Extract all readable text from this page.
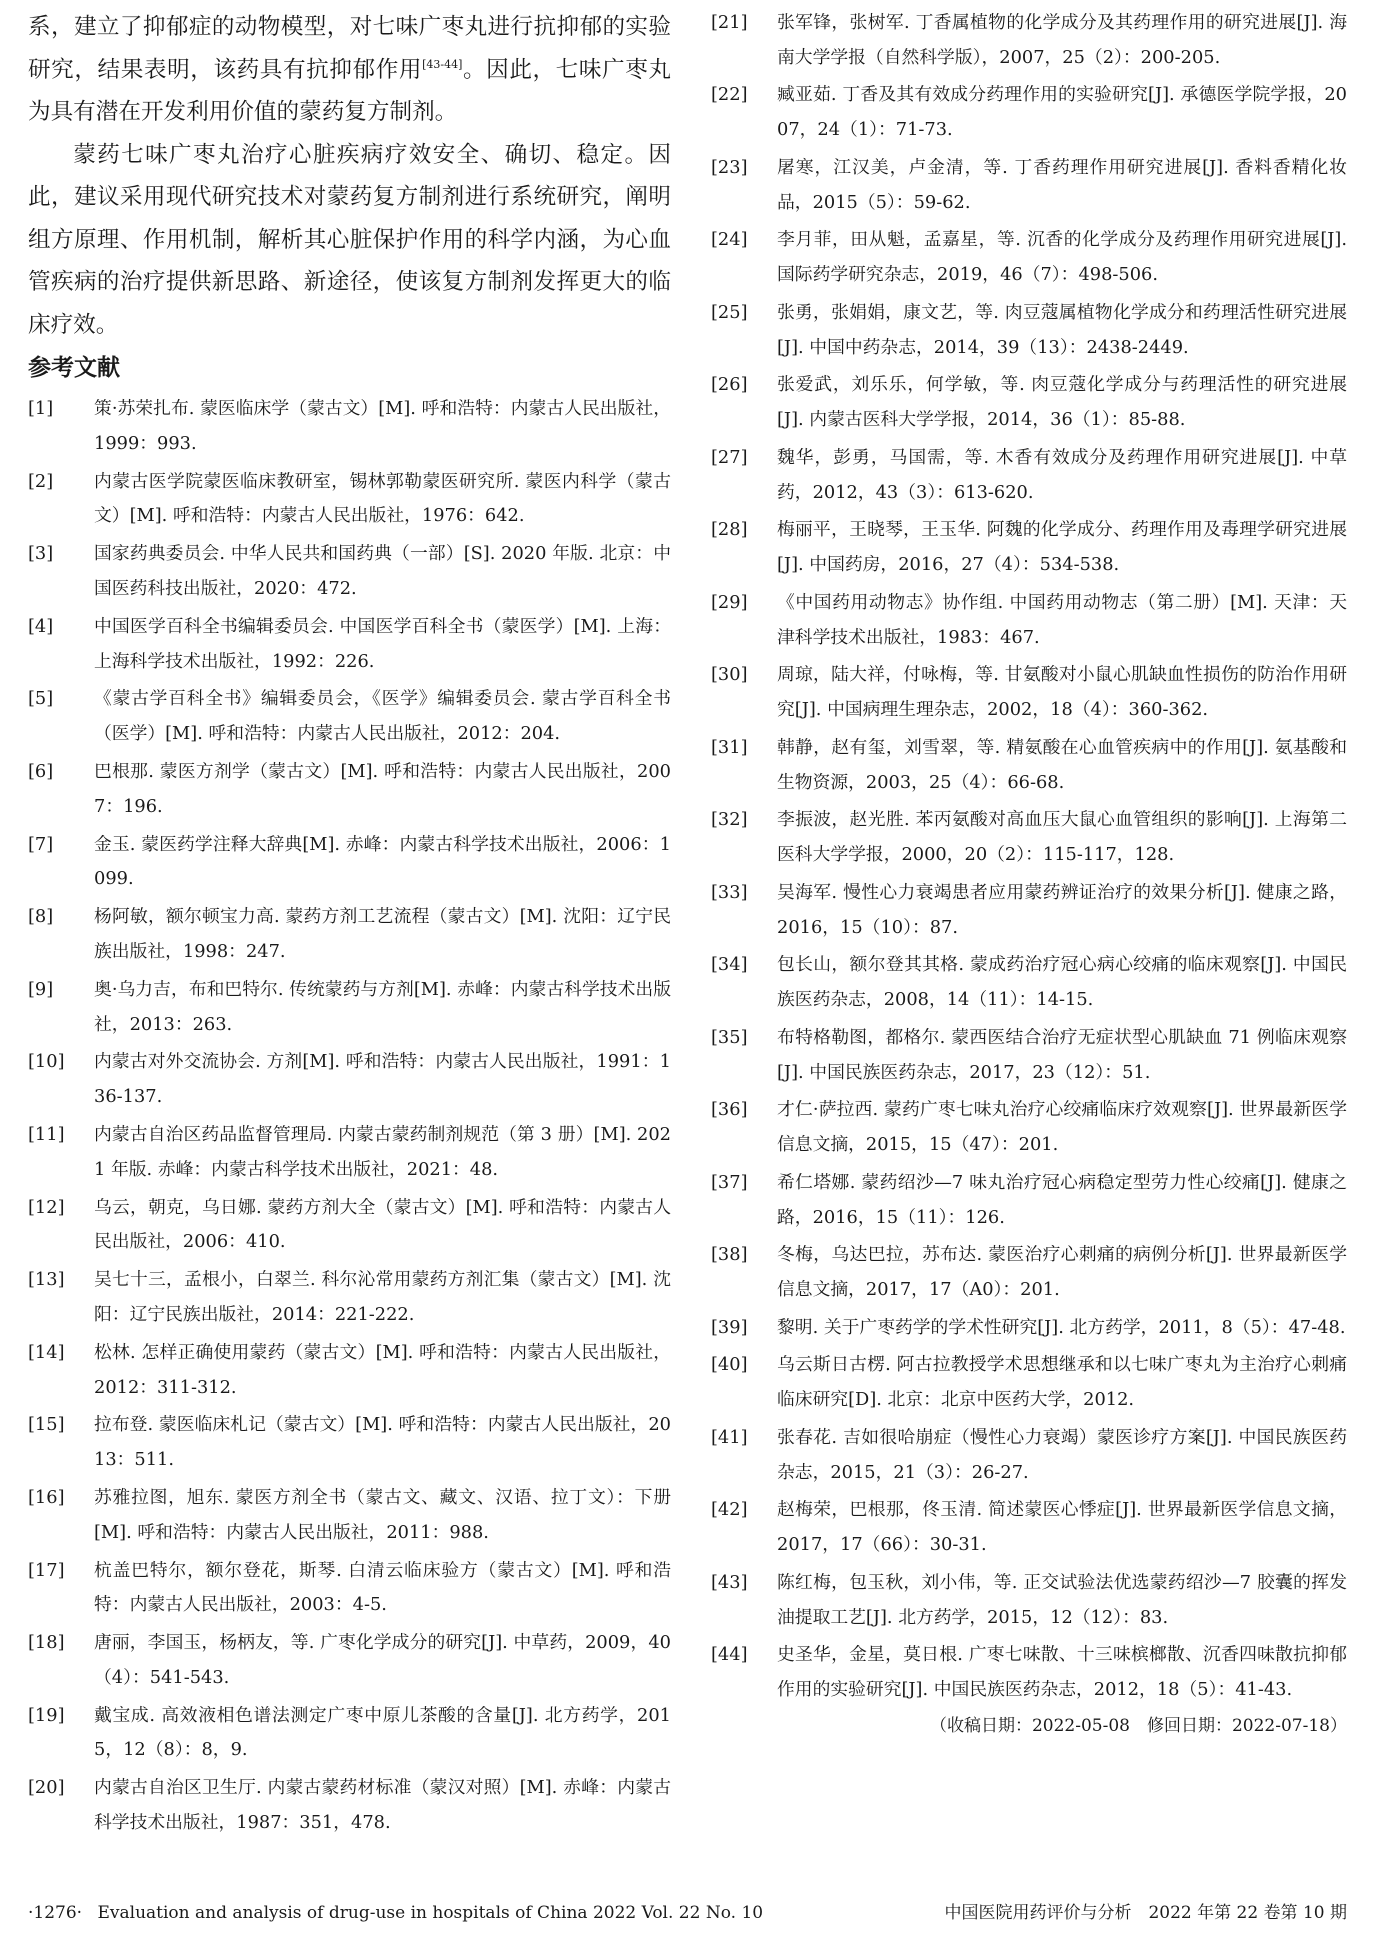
系，建立了抑郁症的动物模型，对七味广枣丸进行抗抑郁的实验研究，结果表明，该药具有抗抑郁作用[43-44]。因此，七味广枣丸为具有潜在开发利用价值的蒙药复方制剂。

蒙药七味广枣丸治疗心脏疾病疗效安全、确切、稳定。因此，建议采用现代研究技术对蒙药复方制剂进行系统研究，阐明组方原理、作用机制，解析其心脏保护作用的科学内涵，为心血管疾病的治疗提供新思路、新途径，使该复方制剂发挥更大的临床疗效。

参考文献
[1]	策·苏荣扎布. 蒙医临床学（蒙古文）[M]. 呼和浩特：内蒙古人民出版社，1999：993.
[2]	内蒙古医学院蒙医临床教研室，锡林郭勒蒙医研究所. 蒙医内科学（蒙古文）[M]. 呼和浩特：内蒙古人民出版社，1976：642.
[3]	国家药典委员会. 中华人民共和国药典（一部）[S]. 2020 年版. 北京：中国医药科技出版社，2020：472.
[4]	中国医学百科全书编辑委员会. 中国医学百科全书（蒙医学）[M]. 上海：上海科学技术出版社，1992：226.
[5]	《蒙古学百科全书》编辑委员会，《医学》编辑委员会. 蒙古学百科全书（医学）[M]. 呼和浩特：内蒙古人民出版社，2012：204.
[6]	巴根那. 蒙医方剂学（蒙古文）[M]. 呼和浩特：内蒙古人民出版社，2007：196.
[7]	金玉. 蒙医药学注释大辞典[M]. 赤峰：内蒙古科学技术出版社，2006：1099.
[8]	杨阿敏，额尔顿宝力高. 蒙药方剂工艺流程（蒙古文）[M]. 沈阳：辽宁民族出版社，1998：247.
[9]	奥·乌力吉，布和巴特尔. 传统蒙药与方剂[M]. 赤峰：内蒙古科学技术出版社，2013：263.
[10]	内蒙古对外交流协会. 方剂[M]. 呼和浩特：内蒙古人民出版社，1991：136-137.
[11]	内蒙古自治区药品监督管理局. 内蒙古蒙药制剂规范（第 3 册）[M]. 2021 年版. 赤峰：内蒙古科学技术出版社，2021：48.
[12]	乌云，朝克，乌日娜. 蒙药方剂大全（蒙古文）[M]. 呼和浩特：内蒙古人民出版社，2006：410.
[13]	吴七十三，孟根小，白翠兰. 科尔沁常用蒙药方剂汇集（蒙古文）[M]. 沈阳：辽宁民族出版社，2014：221-222.
[14]	松林. 怎样正确使用蒙药（蒙古文）[M]. 呼和浩特：内蒙古人民出版社，2012：311-312.
[15]	拉布登. 蒙医临床札记（蒙古文）[M]. 呼和浩特：内蒙古人民出版社，2013：511.
[16]	苏雅拉图，旭东. 蒙医方剂全书（蒙古文、藏文、汉语、拉丁文）：下册[M]. 呼和浩特：内蒙古人民出版社，2011：988.
[17]	杭盖巴特尔，额尔登花，斯琴. 白清云临床验方（蒙古文）[M]. 呼和浩特：内蒙古人民出版社，2003：4-5.
[18]	唐丽，李国玉，杨柄友，等. 广枣化学成分的研究[J]. 中草药，2009，40（4）：541-543.
[19]	戴宝成. 高效液相色谱法测定广枣中原儿茶酸的含量[J]. 北方药学，2015，12（8）：8，9.
[20]	内蒙古自治区卫生厅. 内蒙古蒙药材标准（蒙汉对照）[M]. 赤峰：内蒙古科学技术出版社，1987：351，478.
[21]	张军锋，张树军. 丁香属植物的化学成分及其药理作用的研究进展[J]. 海南大学学报（自然科学版），2007，25（2）：200-205.
[22]	臧亚茹. 丁香及其有效成分药理作用的实验研究[J]. 承德医学院学报，2007，24（1）：71-73.
[23]	屠寒，江汉美，卢金清，等. 丁香药理作用研究进展[J]. 香料香精化妆品，2015（5）：59-62.
[24]	李月菲，田从魁，孟嘉星，等. 沉香的化学成分及药理作用研究进展[J]. 国际药学研究杂志，2019，46（7）：498-506.
[25]	张勇，张娟娟，康文艺，等. 肉豆蔻属植物化学成分和药理活性研究进展[J]. 中国中药杂志，2014，39（13）：2438-2449.
[26]	张爱武，刘乐乐，何学敏，等. 肉豆蔻化学成分与药理活性的研究进展[J]. 内蒙古医科大学学报，2014，36（1）：85-88.
[27]	魏华，彭勇，马国需，等. 木香有效成分及药理作用研究进展[J]. 中草药，2012，43（3）：613-620.
[28]	梅丽平，王晓琴，王玉华. 阿魏的化学成分、药理作用及毒理学研究进展[J]. 中国药房，2016，27（4）：534-538.
[29]	《中国药用动物志》协作组. 中国药用动物志（第二册）[M]. 天津：天津科学技术出版社，1983：467.
[30]	周琼，陆大祥，付咏梅，等. 甘氨酸对小鼠心肌缺血性损伤的防治作用研究[J]. 中国病理生理杂志，2002，18（4）：360-362.
[31]	韩静，赵有玺，刘雪翠，等. 精氨酸在心血管疾病中的作用[J]. 氨基酸和生物资源，2003，25（4）：66-68.
[32]	李振波，赵光胜. 苯丙氨酸对高血压大鼠心血管组织的影响[J]. 上海第二医科大学学报，2000，20（2）：115-117，128.
[33]	吴海军. 慢性心力衰竭患者应用蒙药辨证治疗的效果分析[J]. 健康之路，2016，15（10）：87.
[34]	包长山，额尔登其其格. 蒙成药治疗冠心病心绞痛的临床观察[J]. 中国民族医药杂志，2008，14（11）：14-15.
[35]	布特格勒图，都格尔. 蒙西医结合治疗无症状型心肌缺血 71 例临床观察[J]. 中国民族医药杂志，2017，23（12）：51.
[36]	才仁·萨拉西. 蒙药广枣七味丸治疗心绞痛临床疗效观察[J]. 世界最新医学信息文摘，2015，15（47）：201.
[37]	希仁塔娜. 蒙药绍沙—7 味丸治疗冠心病稳定型劳力性心绞痛[J]. 健康之路，2016，15（11）：126.
[38]	冬梅，乌达巴拉，苏布达. 蒙医治疗心刺痛的病例分析[J]. 世界最新医学信息文摘，2017，17（A0）：201.
[39]	黎明. 关于广枣药学的学术性研究[J]. 北方药学，2011，8（5）：47-48.
[40]	乌云斯日古楞. 阿古拉教授学术思想继承和以七味广枣丸为主治疗心刺痛临床研究[D]. 北京：北京中医药大学，2012.
[41]	张春花. 吉如很哈崩症（慢性心力衰竭）蒙医诊疗方案[J]. 中国民族医药杂志，2015，21（3）：26-27.
[42]	赵梅荣，巴根那，佟玉清. 简述蒙医心悸症[J]. 世界最新医学信息文摘，2017，17（66）：30-31.
[43]	陈红梅，包玉秋，刘小伟，等. 正交试验法优选蒙药绍沙—7 胶囊的挥发油提取工艺[J]. 北方药学，2015，12（12）：83.
[44]	史圣华，金星，莫日根. 广枣七味散、十三味槟榔散、沉香四味散抗抑郁作用的实验研究[J]. 中国民族医药杂志，2012，18（5）：41-43.
（收稿日期：2022-05-08　修回日期：2022-07-18）
·1276· Evaluation and analysis of drug-use in hospitals of China 2022 Vol. 22 No. 10	中国医院用药评价与分析　2022 年第 22 卷第 10 期
